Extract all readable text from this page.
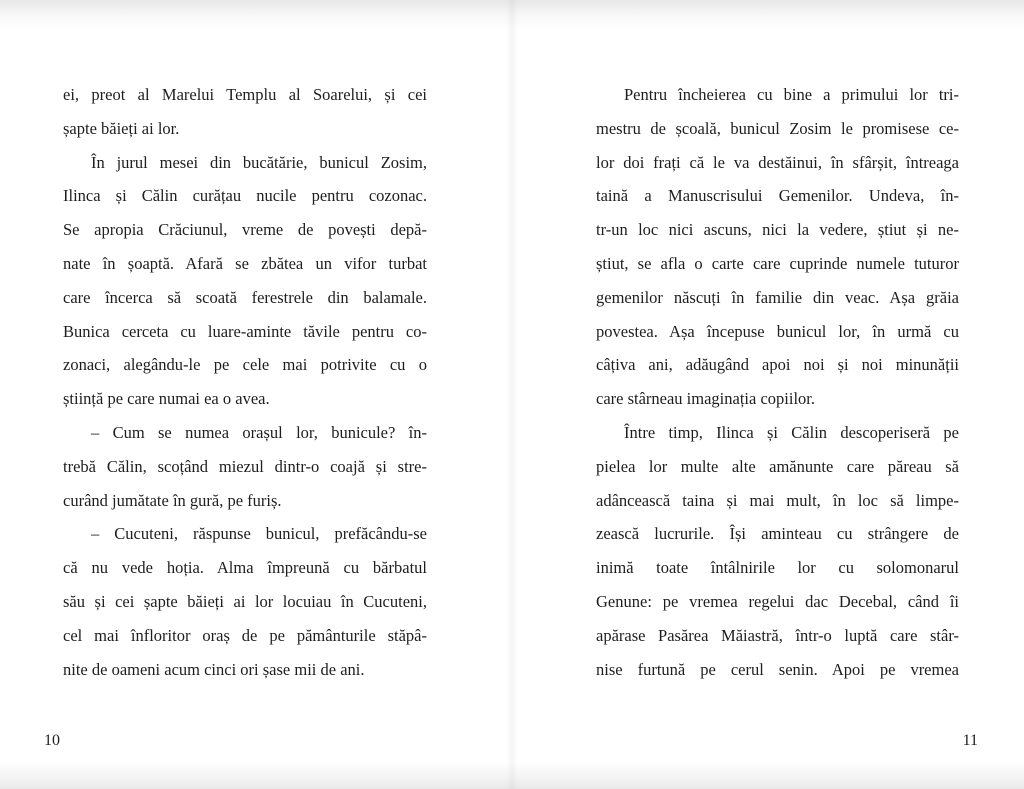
ei, preot al Marelui Templu al Soarelui, și cei
șapte băieți ai lor.
În jurul mesei din bucătărie, bunicul Zosim,
Ilinca și Călin curățau nucile pentru cozonac.
Se apropia Crăciunul, vreme de povești depă-
nate în șoaptă. Afară se zbătea un vifor turbat
care încerca să scoată ferestrele din balamale.
Bunica cerceta cu luare-aminte tăvile pentru co-
zonaci, alegându-le pe cele mai potrivite cu o
știință pe care numai ea o avea.
– Cum se numea orașul lor, bunicule? în-
trebă Călin, scoțând miezul dintr-o coajă și stre-
curând jumătate în gură, pe furiș.
– Cucuteni, răspunse bunicul, prefăcându-se
că nu vede hoția. Alma împreună cu bărbatul
său și cei șapte băieți ai lor locuiau în Cucuteni,
cel mai înfloritor oraș de pe pământurile stăpâ-
nite de oameni acum cinci ori șase mii de ani.
10
Pentru încheierea cu bine a primului lor tri-
mestru de școală, bunicul Zosim le promisese ce-
lor doi frați că le va destăinui, în sfârșit, întreaga
taină a Manuscrisului Gemenilor. Undeva, în-
tr-un loc nici ascuns, nici la vedere, știut și ne-
știut, se afla o carte care cuprinde numele tuturor
gemenilor născuți în familie din veac. Așa grăia
povestea. Așa începuse bunicul lor, în urmă cu
câțiva ani, adăugând apoi noi și noi minunății
care stârneau imaginația copiilor.
Între timp, Ilinca și Călin descoperiseră pe
pielea lor multe alte amănunte care păreau să
adâncească taina și mai mult, în loc să limpe-
zească lucrurile. Își aminteau cu strângere de
inimă toate întâlnirile lor cu solomonarul
Genune: pe vremea regelui dac Decebal, când îi
apărase Pasărea Măiastră, într-o luptă care stâr-
nise furtună pe cerul senin. Apoi pe vremea
11
